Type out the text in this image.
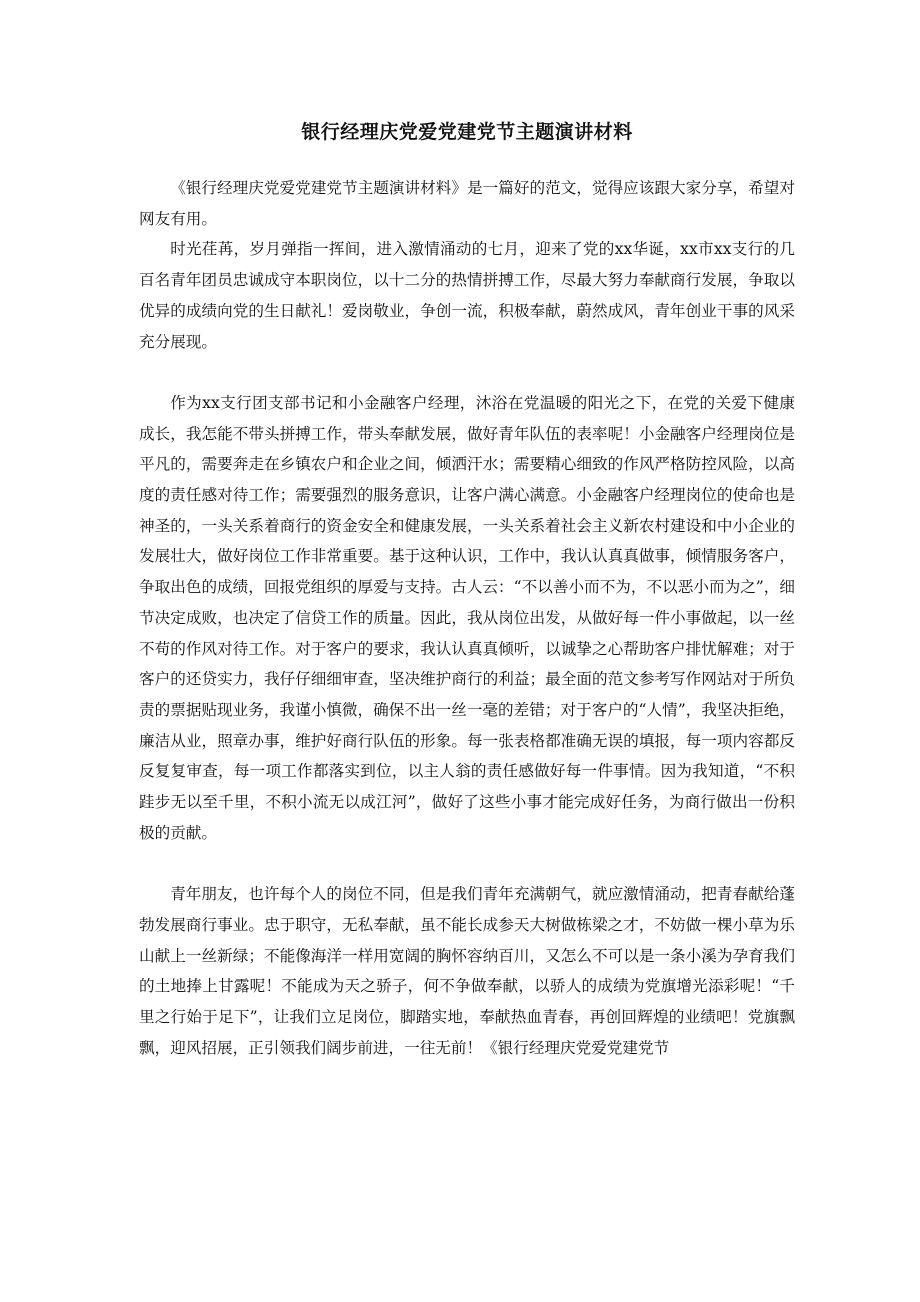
银行经理庆党爱党建党节主题演讲材料

《银行经理庆党爱党建党节主题演讲材料》是一篇好的范文，觉得应该跟大家分享，希望对网友有用。

时光荏苒，岁月弹指一挥间，进入激情涌动的七月，迎来了党的xx华诞，xx市xx支行的几百名青年团员忠诚成守本职岗位，以十二分的热情拼搏工作，尽最大努力奉献商行发展，争取以优异的成绩向党的生日献礼！爱岗敬业，争创一流，积极奉献，蔚然成风，青年创业干事的风采充分展现。

作为xx支行团支部书记和小金融客户经理，沐浴在党温暖的阳光之下，在党的关爱下健康成长，我怎能不带头拼搏工作，带头奉献发展，做好青年队伍的表率呢！小金融客户经理岗位是平凡的，需要奔走在乡镇农户和企业之间，倾洒汗水；需要精心细致的作风严格防控风险，以高度的责任感对待工作；需要强烈的服务意识，让客户满心满意。小金融客户经理岗位的使命也是神圣的，一头关系着商行的资金安全和健康发展，一头关系着社会主义新农村建设和中小企业的发展壮大，做好岗位工作非常重要。基于这种认识，工作中，我认认真真做事，倾情服务客户，争取出色的成绩，回报党组织的厚爱与支持。古人云：“不以善小而不为，不以恶小而为之”，细节决定成败，也决定了信贷工作的质量。因此，我从岗位出发，从做好每一件小事做起，以一丝不苟的作风对待工作。对于客户的要求，我认认真真倾听，以诚挚之心帮助客户排忧解难；对于客户的还贷实力，我仔仔细细审查，坚决维护商行的利益；最全面的范文参考写作网站对于所负责的票据贴现业务，我谨小慎微，确保不出一丝一毫的差错；对于客户的“人情”，我坚决拒绝，廉洁从业，照章办事，维护好商行队伍的形象。每一张表格都准确无误的填报，每一项内容都反反复复审查，每一项工作都落实到位，以主人翁的责任感做好每一件事情。因为我知道，“不积跬步无以至千里，不积小流无以成江河”，做好了这些小事才能完成好任务，为商行做出一份积极的贡献。

青年朋友，也许每个人的岗位不同，但是我们青年充满朝气，就应激情涌动，把青春献给蓬勃发展商行事业。忠于职守，无私奉献，虽不能长成参天大树做栋梁之才，不妨做一棵小草为乐山献上一丝新绿；不能像海洋一样用宽阔的胸怀容纳百川，又怎么不可以是一条小溪为孕育我们的土地捧上甘露呢！不能成为天之骄子，何不争做奉献，以骄人的成绩为党旗增光添彩呢！“千里之行始于足下”，让我们立足岗位，脚踏实地，奉献热血青春，再创回辉煌的业绩吧！党旗飘飘，迎风招展，正引领我们阔步前进，一往无前！《银行经理庆党爱党建党节
